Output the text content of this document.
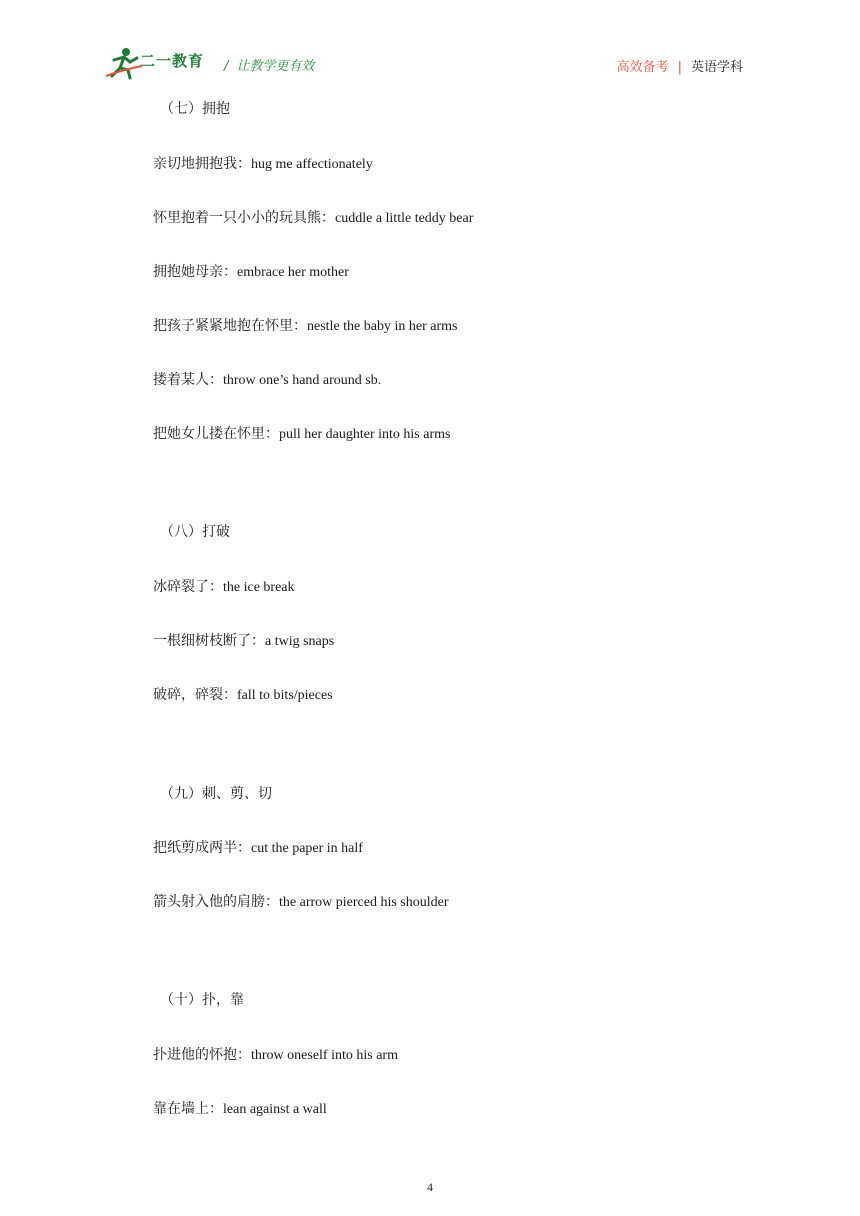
二一教育 / 让教学更有效	高效备考 | 英语学科
（七）拥抱
亲切地拥抱我：hug me affectionately
怀里抱着一只小小的玩具熊：cuddle a little teddy bear
拥抱她母亲：embrace her mother
把孩子紧紧地抱在怀里：nestle the baby in her arms
搂着某人：throw one’s hand around sb.
把她女儿搂在怀里：pull her daughter into his arms
（八）打破
冰碎裂了：the ice break
一根细树枝断了：a twig snaps
破碎，碎裂：fall to bits/pieces
（九）刺、剪、切
把纸剪成两半：cut the paper in half
箭头射入他的肩膀：the arrow pierced his shoulder
（十）扑，靠
扑进他的怀抱：throw oneself into his arm
靠在墙上：lean against a wall
4
